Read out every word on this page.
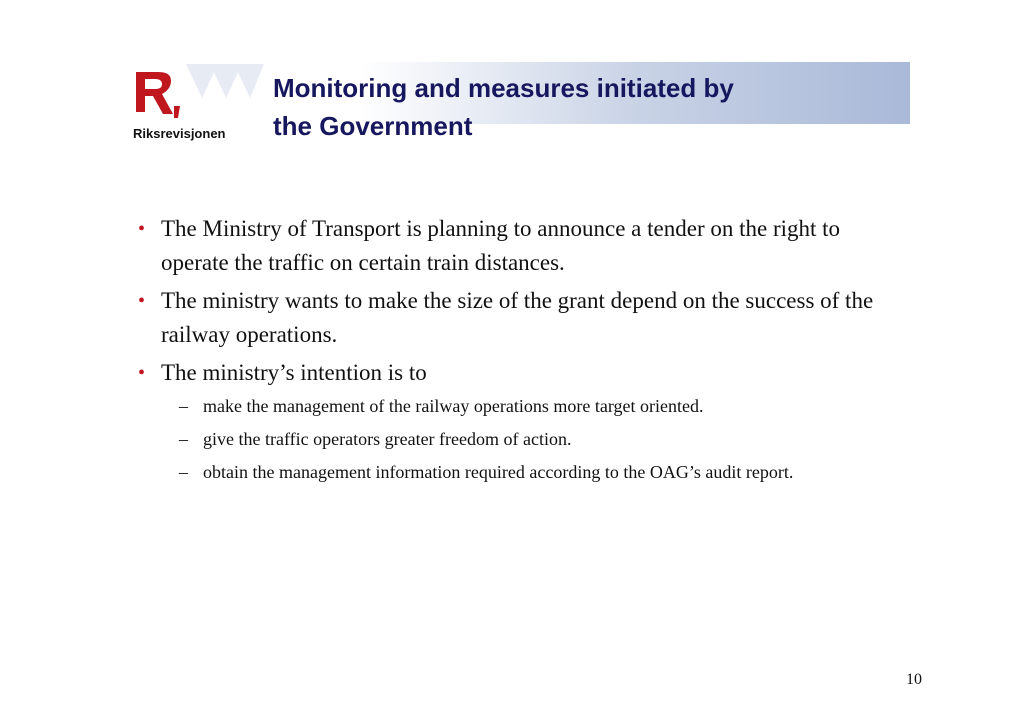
Riksrevisjonen
Monitoring and measures initiated by
the Government
• The Ministry of Transport is planning to announce a tender on the right to operate the traffic on certain train distances.
• The ministry wants to make the size of the grant depend on the success of the railway operations.
• The ministry’s intention is to
– make the management of the railway operations more target oriented.
– give the traffic operators greater freedom of action.
– obtain the management information required according to the OAG’s audit report.
10
